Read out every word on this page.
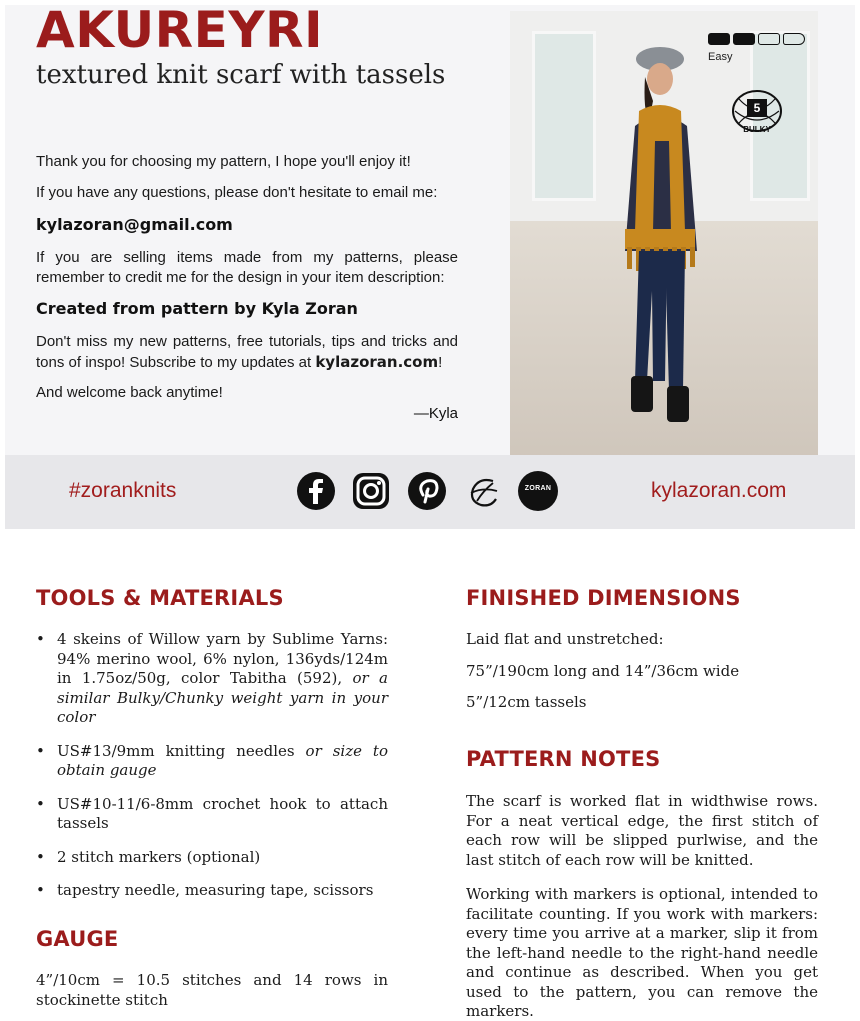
AKUREYRI
textured knit scarf with tassels
Thank you for choosing my pattern, I hope you'll enjoy it!
If you have any questions, please don't hesitate to email me:
kylazoran@gmail.com
If you are selling items made from my patterns, please remember to credit me for the design in your item description:
Created from pattern by Kyla Zoran
Don't miss my new patterns, free tutorials, tips and tricks and tons of inspo! Subscribe to my updates at kylazoran.com!
And welcome back anytime!
—Kyla
Easy
5
BULKY
#zoranknits	ZORAN	kylazoran.com
TOOLS & MATERIALS
• 4 skeins of Willow yarn by Sublime Yarns: 94% merino wool, 6% nylon, 136yds/124m in 1.75oz/50g, color Tabitha (592), or a similar Bulky/Chunky weight yarn in your color
• US#13/9mm knitting needles or size to obtain gauge
• US#10-11/6-8mm crochet hook to attach tassels
• 2 stitch markers (optional)
• tapestry needle, measuring tape, scissors
GAUGE
4”/10cm = 10.5 stitches and 14 rows in stockinette stitch
FINISHED DIMENSIONS
Laid flat and unstretched:
75”/190cm long and 14”/36cm wide
5”/12cm tassels
PATTERN NOTES
The scarf is worked flat in widthwise rows. For a neat vertical edge, the first stitch of each row will be slipped purlwise, and the last stitch of each row will be knitted.
Working with markers is optional, intended to facilitate counting. If you work with markers: every time you arrive at a marker, slip it from the left-hand needle to the right-hand needle and continue as described. When you get used to the pattern, you can remove the markers.
